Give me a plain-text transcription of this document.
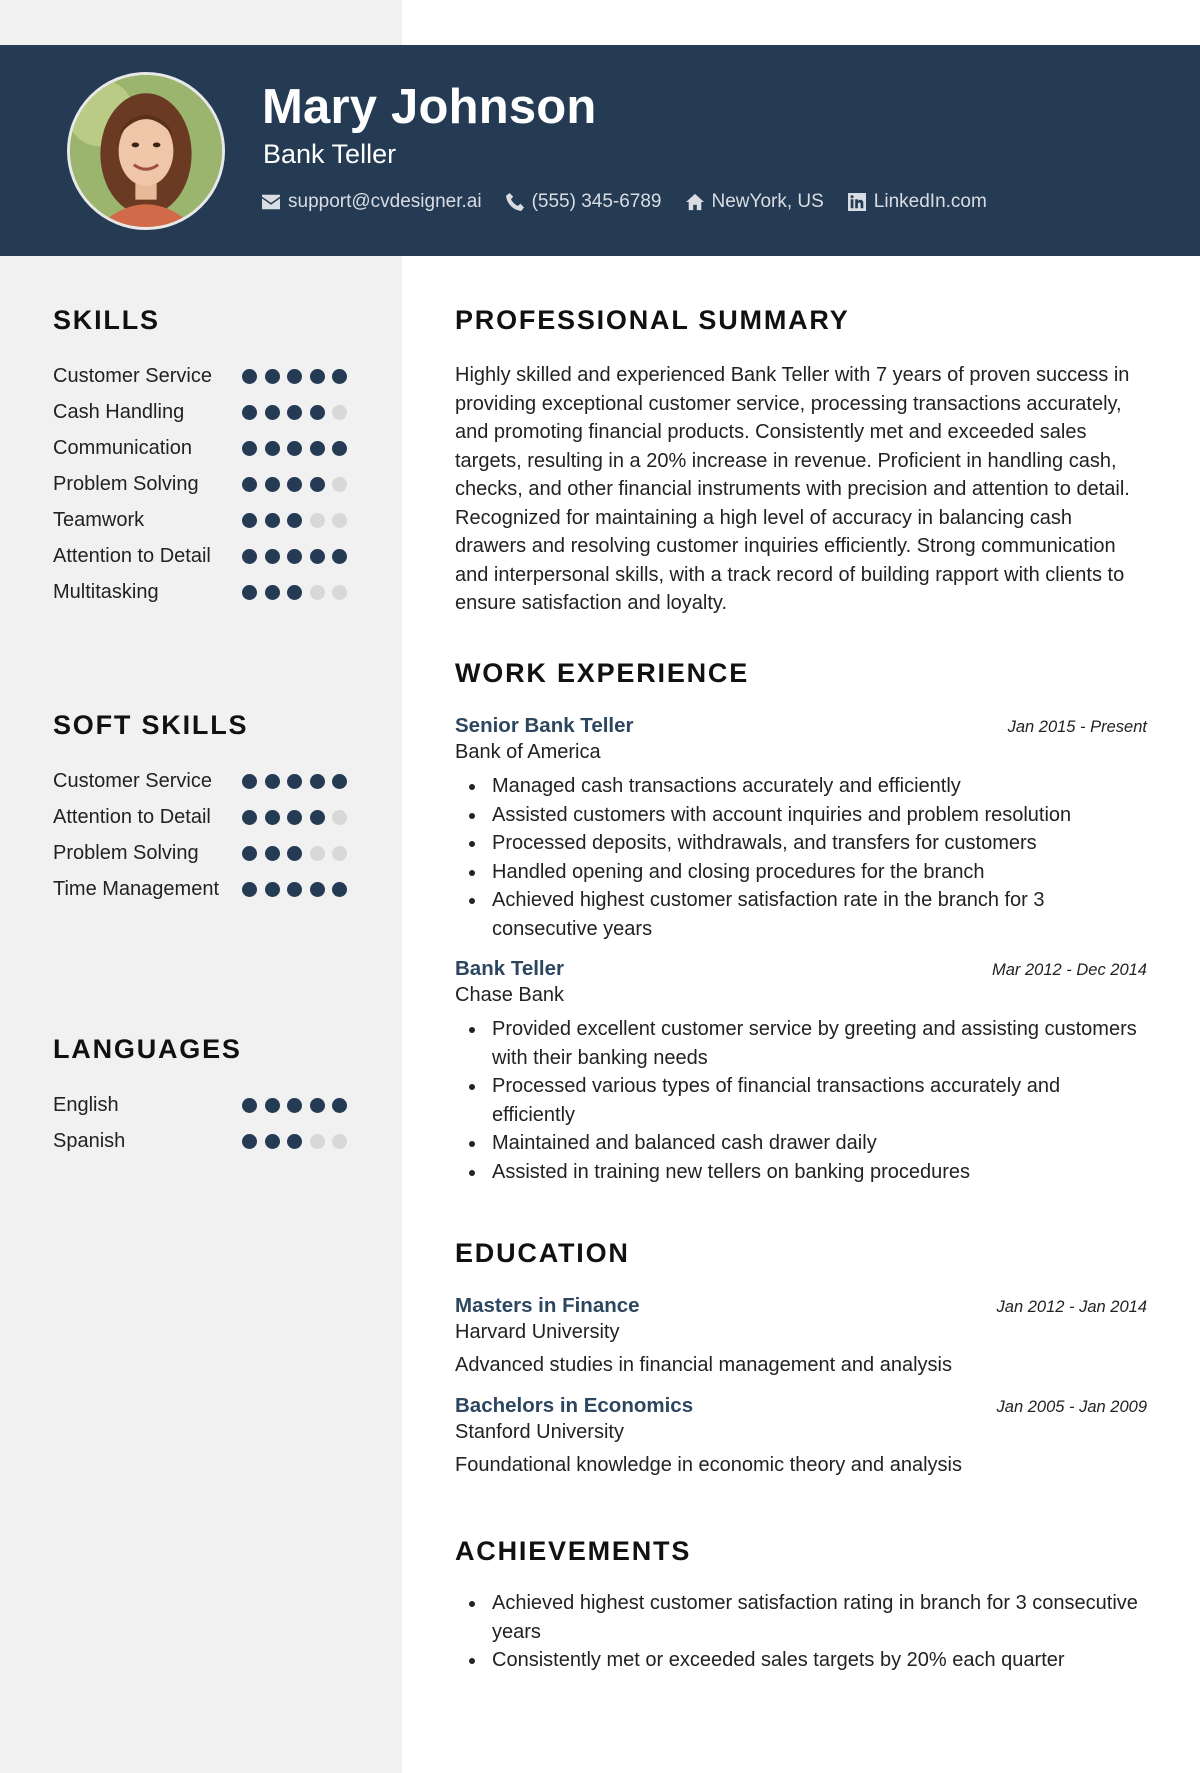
Mary Johnson
Bank Teller
support@cvdesigner.ai	(555) 345-6789	NewYork, US	LinkedIn.com
SKILLS
Customer Service
Cash Handling
Communication
Problem Solving
Teamwork
Attention to Detail
Multitasking
SOFT SKILLS
Customer Service
Attention to Detail
Problem Solving
Time Management
LANGUAGES
English
Spanish
PROFESSIONAL SUMMARY
Highly skilled and experienced Bank Teller with 7 years of proven success in providing exceptional customer service, processing transactions accurately, and promoting financial products. Consistently met and exceeded sales targets, resulting in a 20% increase in revenue. Proficient in handling cash, checks, and other financial instruments with precision and attention to detail. Recognized for maintaining a high level of accuracy in balancing cash drawers and resolving customer inquiries efficiently. Strong communication and interpersonal skills, with a track record of building rapport with clients to ensure satisfaction and loyalty.
WORK EXPERIENCE
Senior Bank Teller	Jan 2015 - Present
Bank of America
Managed cash transactions accurately and efficiently
Assisted customers with account inquiries and problem resolution
Processed deposits, withdrawals, and transfers for customers
Handled opening and closing procedures for the branch
Achieved highest customer satisfaction rate in the branch for 3 consecutive years
Bank Teller	Mar 2012 - Dec 2014
Chase Bank
Provided excellent customer service by greeting and assisting customers with their banking needs
Processed various types of financial transactions accurately and efficiently
Maintained and balanced cash drawer daily
Assisted in training new tellers on banking procedures
EDUCATION
Masters in Finance	Jan 2012 - Jan 2014
Harvard University
Advanced studies in financial management and analysis
Bachelors in Economics	Jan 2005 - Jan 2009
Stanford University
Foundational knowledge in economic theory and analysis
ACHIEVEMENTS
Achieved highest customer satisfaction rating in branch for 3 consecutive years
Consistently met or exceeded sales targets by 20% each quarter
